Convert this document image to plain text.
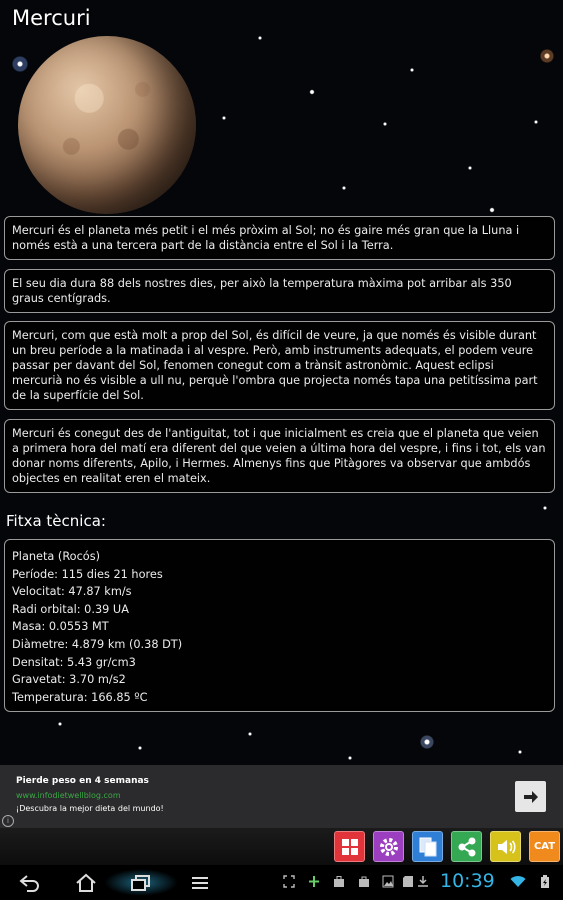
Mercuri
Mercuri és el planeta més petit i el més pròxim al Sol; no és gaire més gran que la Lluna i només està a una tercera part de la distància entre el Sol i la Terra.
El seu dia dura 88 dels nostres dies, per això la temperatura màxima pot arribar als 350 graus centígrads.
Mercuri, com que està molt a prop del Sol, és difícil de veure, ja que només és visible durant un breu període a la matinada i al vespre. Però, amb instruments adequats, el podem veure passar per davant del Sol, fenomen conegut com a trànsit astronòmic. Aquest eclipsi mercurià no és visible a ull nu, perquè l'ombra que projecta només tapa una petitíssima part de la superfície del Sol.
Mercuri és conegut des de l'antiguitat, tot i que inicialment es creia que el planeta que veien a primera hora del matí era diferent del que veien a última hora del vespre, i fins i tot, els van donar noms diferents, Apilo, i Hermes. Almenys fins que Pitàgores va observar que ambdós objectes en realitat eren el mateix.
Fitxa tècnica:
Planeta (Rocós)
Període: 115 dies 21 hores
Velocitat: 47.87 km/s
Radi orbital: 0.39 UA
Masa: 0.0553 MT
Diàmetre: 4.879 km (0.38 DT)
Densitat: 5.43 gr/cm3
Gravetat: 3.70 m/s2
Temperatura: 166.85 ºC
Pierde peso en 4 semanas
www.infodietwellblog.com
¡Descubra la mejor dieta del mundo!
i
CAT
10:39
